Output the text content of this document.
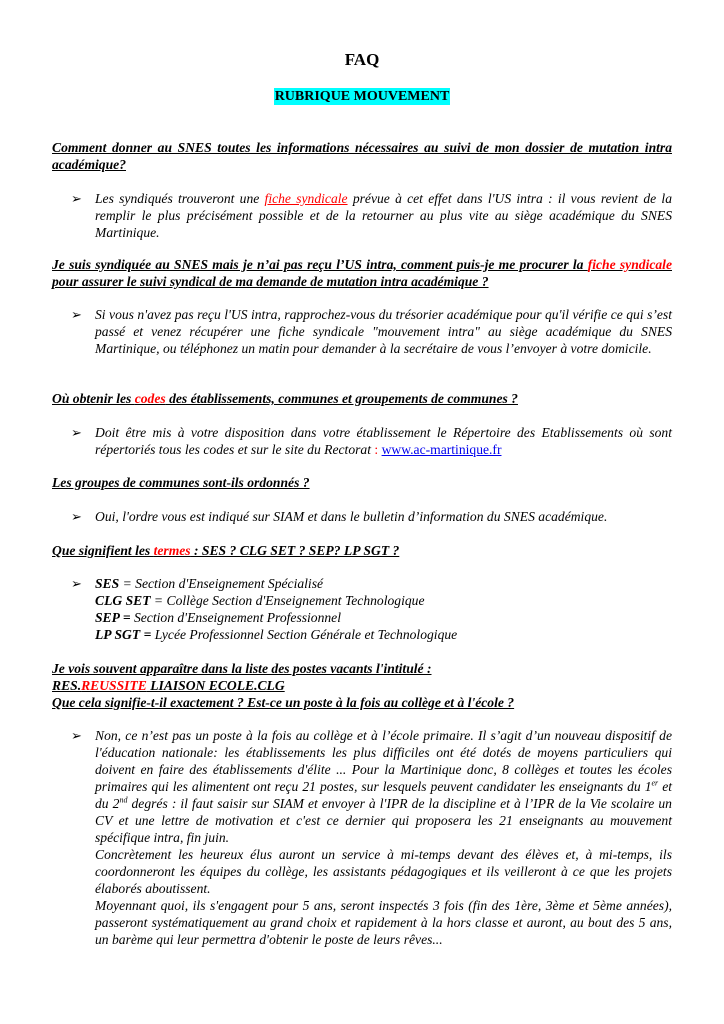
FAQ
RUBRIQUE MOUVEMENT
Comment donner au SNES toutes les informations nécessaires au suivi de mon dossier de mutation intra académique?
➢ Les syndiqués trouveront une fiche syndicale prévue à cet effet dans l'US intra : il vous revient de la remplir le plus précisément possible et de la retourner au plus vite au siège académique du SNES Martinique.
Je suis syndiquée au SNES mais je n’ai pas reçu l’US intra, comment puis-je me procurer la fiche syndicale pour assurer le suivi syndical de ma demande de mutation intra académique ?
➢ Si vous n'avez pas reçu l'US intra, rapprochez-vous du trésorier académique pour qu'il vérifie ce qui s’est passé et venez récupérer une fiche syndicale "mouvement intra" au siège académique du SNES Martinique, ou téléphonez un matin pour demander à la secrétaire de vous l’envoyer à votre domicile.
Où obtenir les codes des établissements, communes et groupements de communes ?
➢ Doit être mis à votre disposition dans votre établissement le Répertoire des Etablissements où sont répertoriés tous les codes et sur le site du Rectorat : www.ac-martinique.fr
Les groupes de communes sont-ils ordonnés ?
➢ Oui, l'ordre vous est indiqué sur SIAM et dans le bulletin d’information du SNES académique.
Que signifient les termes : SES ? CLG SET ? SEP? LP SGT ?
➢ SES = Section d'Enseignement Spécialisé
CLG SET = Collège Section d'Enseignement Technologique
SEP = Section d'Enseignement Professionnel
LP SGT = Lycée Professionnel Section Générale et Technologique
Je vois souvent apparaître dans la liste des postes vacants l'intitulé :
RES.REUSSITE LIAISON ECOLE.CLG
Que cela signifie-t-il exactement ? Est-ce un poste à la fois au collège et à l'école ?
➢ Non, ce n’est pas un poste à la fois au collège et à l’école primaire. Il s’agit d’un nouveau dispositif de l'éducation nationale: les établissements les plus difficiles ont été dotés de moyens particuliers qui doivent en faire des établissements d'élite ... Pour la Martinique donc, 8 collèges et toutes les écoles primaires qui les alimentent ont reçu 21 postes, sur lesquels peuvent candidater les enseignants du 1er et du 2nd degrés : il faut saisir sur SIAM et envoyer à l'IPR de la discipline et à l’IPR de la Vie scolaire un CV et une lettre de motivation et c'est ce dernier qui proposera les 21 enseignants au mouvement spécifique intra, fin juin.
Concrètement les heureux élus auront un service à mi-temps devant des élèves et, à mi-temps, ils coordonneront les équipes du collège, les assistants pédagogiques et ils veilleront à ce que les projets élaborés aboutissent.
Moyennant quoi, ils s'engagent pour 5 ans, seront inspectés 3 fois (fin des 1ère, 3ème et 5ème années), passeront systématiquement au grand choix et rapidement à la hors classe et auront, au bout des 5 ans, un barème qui leur permettra d'obtenir le poste de leurs rêves...
